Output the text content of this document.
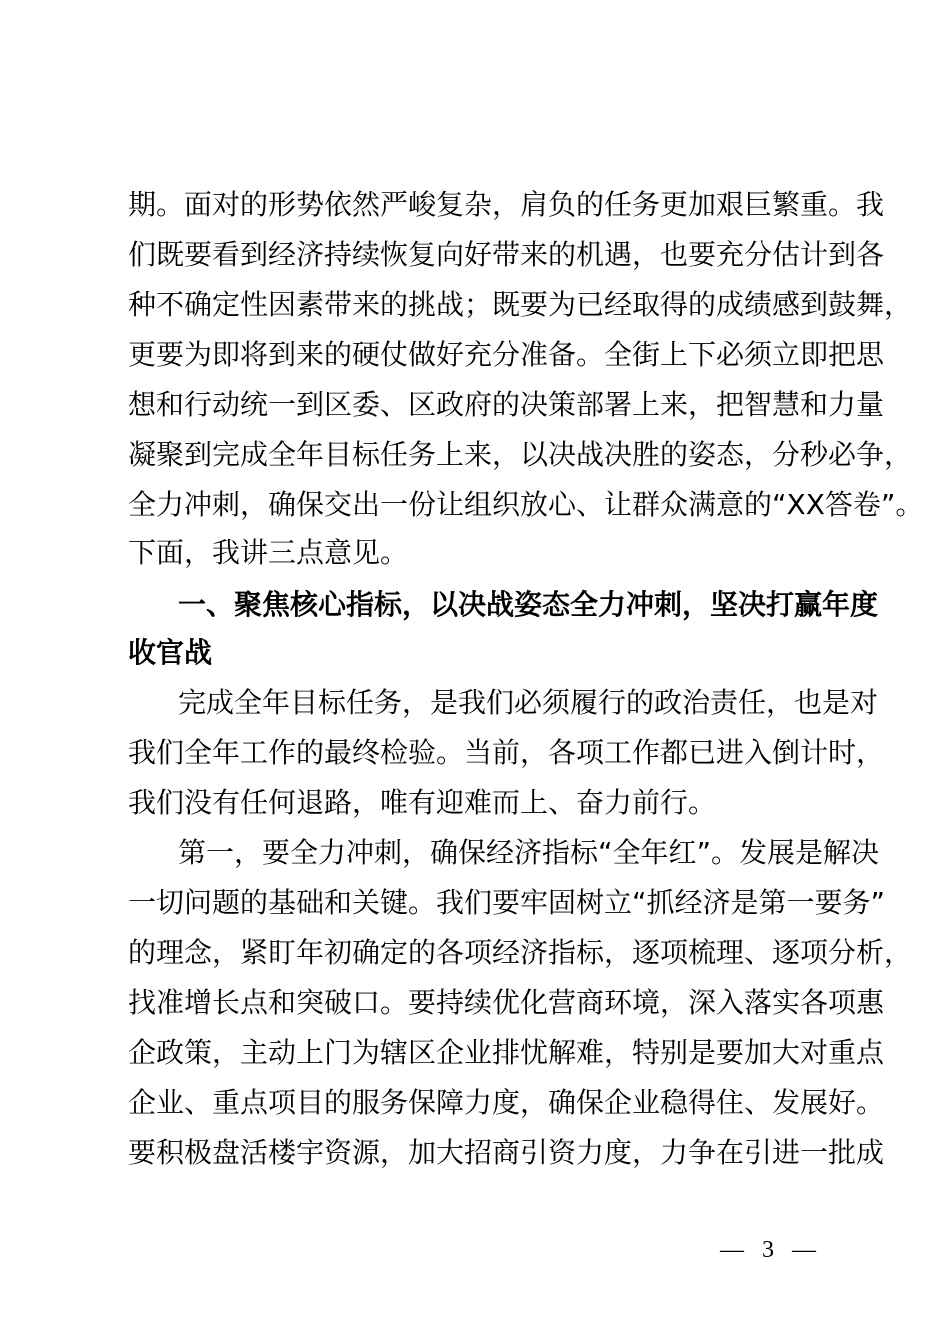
期。面对的形势依然严峻复杂，肩负的任务更加艰巨繁重。我
们既要看到经济持续恢复向好带来的机遇，也要充分估计到各
种不确定性因素带来的挑战；既要为已经取得的成绩感到鼓舞，
更要为即将到来的硬仗做好充分准备。全街上下必须立即把思
想和行动统一到区委、区政府的决策部署上来，把智慧和力量
凝聚到完成全年目标任务上来，以决战决胜的姿态，分秒必争，
全力冲刺，确保交出一份让组织放心、让群众满意的“XX答卷”。
下面，我讲三点意见。
一、聚焦核心指标，以决战姿态全力冲刺，坚决打赢年度
收官战
完成全年目标任务，是我们必须履行的政治责任，也是对
我们全年工作的最终检验。当前，各项工作都已进入倒计时，
我们没有任何退路，唯有迎难而上、奋力前行。
第一，要全力冲刺，确保经济指标“全年红”。发展是解决
一切问题的基础和关键。我们要牢固树立“抓经济是第一要务”
的理念，紧盯年初确定的各项经济指标，逐项梳理、逐项分析，
找准增长点和突破口。要持续优化营商环境，深入落实各项惠
企政策，主动上门为辖区企业排忧解难，特别是要加大对重点
企业、重点项目的服务保障力度，确保企业稳得住、发展好。
要积极盘活楼宇资源，加大招商引资力度，力争在引进一批成
— 3 —
